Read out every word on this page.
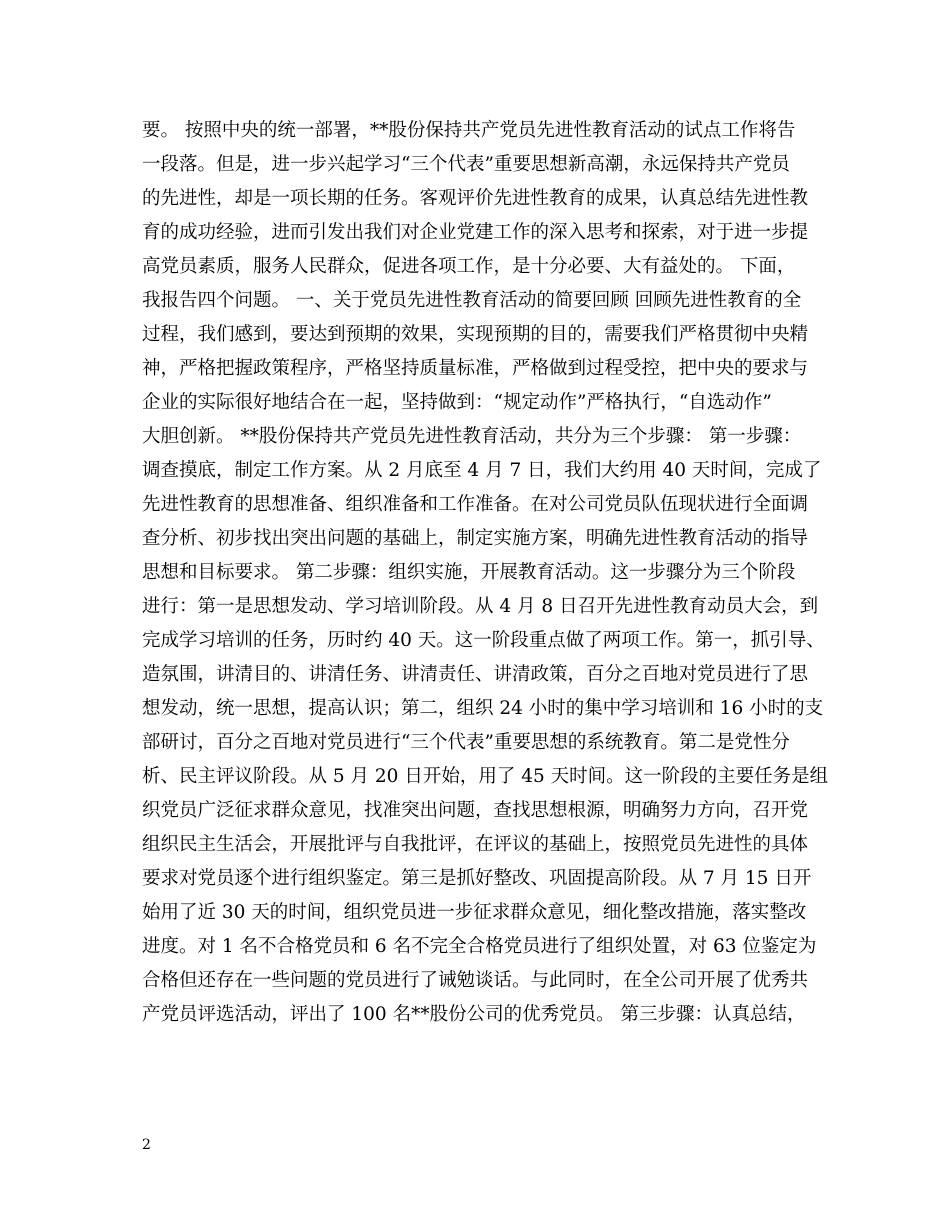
要。 按照中央的统一部署，**股份保持共产党员先进性教育活动的试点工作将告
一段落。但是，进一步兴起学习“三个代表”重要思想新高潮，永远保持共产党员
的先进性，却是一项长期的任务。客观评价先进性教育的成果，认真总结先进性教
育的成功经验，进而引发出我们对企业党建工作的深入思考和探索，对于进一步提
高党员素质，服务人民群众，促进各项工作，是十分必要、大有益处的。 下面，
我报告四个问题。 一、关于党员先进性教育活动的简要回顾 回顾先进性教育的全
过程，我们感到，要达到预期的效果，实现预期的目的，需要我们严格贯彻中央精
神，严格把握政策程序，严格坚持质量标准，严格做到过程受控，把中央的要求与
企业的实际很好地结合在一起，坚持做到：“规定动作”严格执行，“自选动作”
大胆创新。 **股份保持共产党员先进性教育活动，共分为三个步骤： 第一步骤：
调查摸底，制定工作方案。从 2 月底至 4 月 7 日，我们大约用 40 天时间，完成了
先进性教育的思想准备、组织准备和工作准备。在对公司党员队伍现状进行全面调
查分析、初步找出突出问题的基础上，制定实施方案，明确先进性教育活动的指导
思想和目标要求。 第二步骤：组织实施，开展教育活动。这一步骤分为三个阶段
进行：第一是思想发动、学习培训阶段。从 4 月 8 日召开先进性教育动员大会，到
完成学习培训的任务，历时约 40 天。这一阶段重点做了两项工作。第一，抓引导、
造氛围，讲清目的、讲清任务、讲清责任、讲清政策，百分之百地对党员进行了思
想发动，统一思想，提高认识；第二，组织 24 小时的集中学习培训和 16 小时的支
部研讨，百分之百地对党员进行“三个代表”重要思想的系统教育。第二是党性分
析、民主评议阶段。从 5 月 20 日开始，用了 45 天时间。这一阶段的主要任务是组
织党员广泛征求群众意见，找准突出问题，查找思想根源，明确努力方向，召开党
组织民主生活会，开展批评与自我批评，在评议的基础上，按照党员先进性的具体
要求对党员逐个进行组织鉴定。第三是抓好整改、巩固提高阶段。从 7 月 15 日开
始用了近 30 天的时间，组织党员进一步征求群众意见，细化整改措施，落实整改
进度。对 1 名不合格党员和 6 名不完全合格党员进行了组织处置，对 63 位鉴定为
合格但还存在一些问题的党员进行了诫勉谈话。与此同时，在全公司开展了优秀共
产党员评选活动，评出了 100 名**股份公司的优秀党员。 第三步骤：认真总结，
2
